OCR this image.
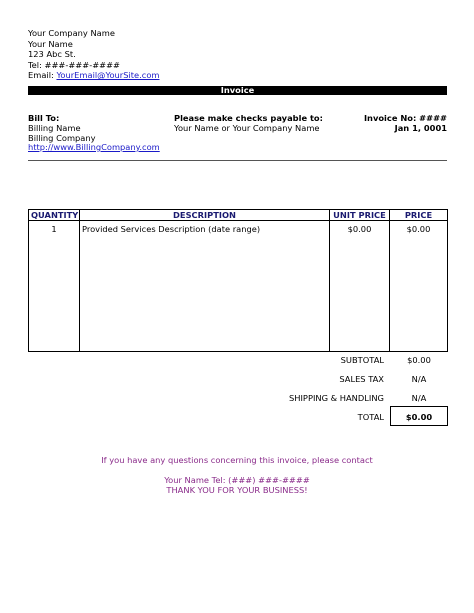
Your Company Name
Your Name
123 Abc St.
Tel: ###-###-####
Email: YourEmail@YourSite.com
Invoice
Bill To:
Billing Name
Billing Company
http://www.BillingCompany.com
Please make checks payable to:
Your Name or Your Company Name
Invoice No: ####
Jan 1, 0001
QUANTITY	DESCRIPTION	UNIT PRICE	PRICE
1	Provided Services Description (date range)	$0.00	$0.00
SUBTOTAL	$0.00
SALES TAX	N/A
SHIPPING & HANDLING	N/A
TOTAL	$0.00
If you have any questions concerning this invoice, please contact
Your Name Tel: (###) ###-####
THANK YOU FOR YOUR BUSINESS!
